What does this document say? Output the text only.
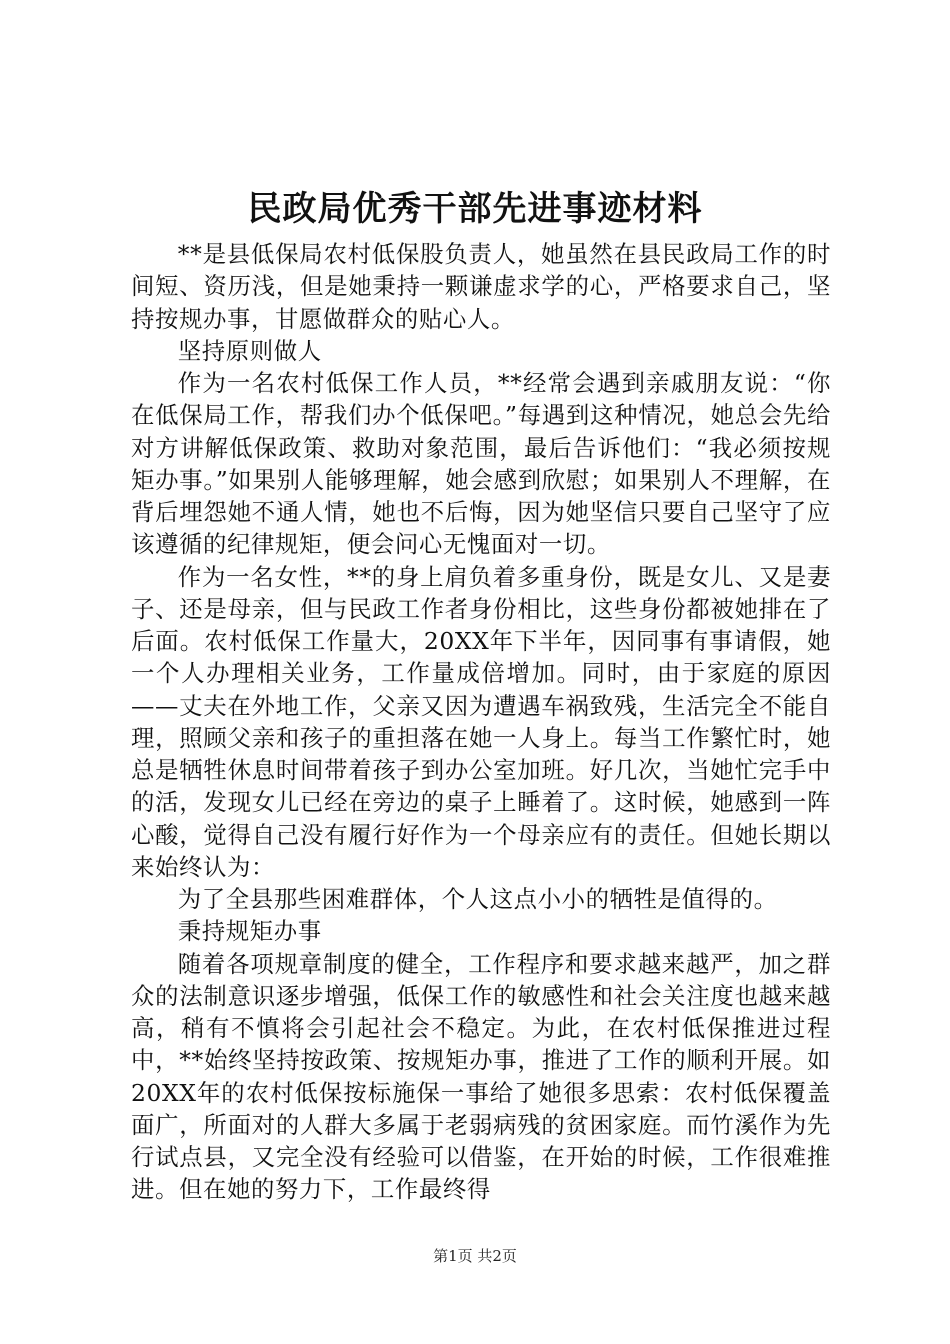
民政局优秀干部先进事迹材料

**是县低保局农村低保股负责人，她虽然在县民政局工作的时间短、资历浅，但是她秉持一颗谦虚求学的心，严格要求自己，坚持按规办事，甘愿做群众的贴心人。

坚持原则做人

作为一名农村低保工作人员，**经常会遇到亲戚朋友说：“你在低保局工作，帮我们办个低保吧。”每遇到这种情况，她总会先给对方讲解低保政策、救助对象范围，最后告诉他们：“我必须按规矩办事。”如果别人能够理解，她会感到欣慰；如果别人不理解，在背后埋怨她不通人情，她也不后悔，因为她坚信只要自己坚守了应该遵循的纪律规矩，便会问心无愧面对一切。

作为一名女性，**的身上肩负着多重身份，既是女儿、又是妻子、还是母亲，但与民政工作者身份相比，这些身份都被她排在了后面。农村低保工作量大，20XX年下半年，因同事有事请假，她一个人办理相关业务，工作量成倍增加。同时，由于家庭的原因——丈夫在外地工作，父亲又因为遭遇车祸致残，生活完全不能自理，照顾父亲和孩子的重担落在她一人身上。每当工作繁忙时，她总是牺牲休息时间带着孩子到办公室加班。好几次，当她忙完手中的活，发现女儿已经在旁边的桌子上睡着了。这时候，她感到一阵心酸，觉得自己没有履行好作为一个母亲应有的责任。但她长期以来始终认为：

为了全县那些困难群体，个人这点小小的牺牲是值得的。

秉持规矩办事

随着各项规章制度的健全，工作程序和要求越来越严，加之群众的法制意识逐步增强，低保工作的敏感性和社会关注度也越来越高，稍有不慎将会引起社会不稳定。为此，在农村低保推进过程中，**始终坚持按政策、按规矩办事，推进了工作的顺利开展。如20XX年的农村低保按标施保一事给了她很多思索：农村低保覆盖面广，所面对的人群大多属于老弱病残的贫困家庭。而竹溪作为先行试点县，又完全没有经验可以借鉴，在开始的时候，工作很难推进。但在她的努力下，工作最终得

第1页 共2页
